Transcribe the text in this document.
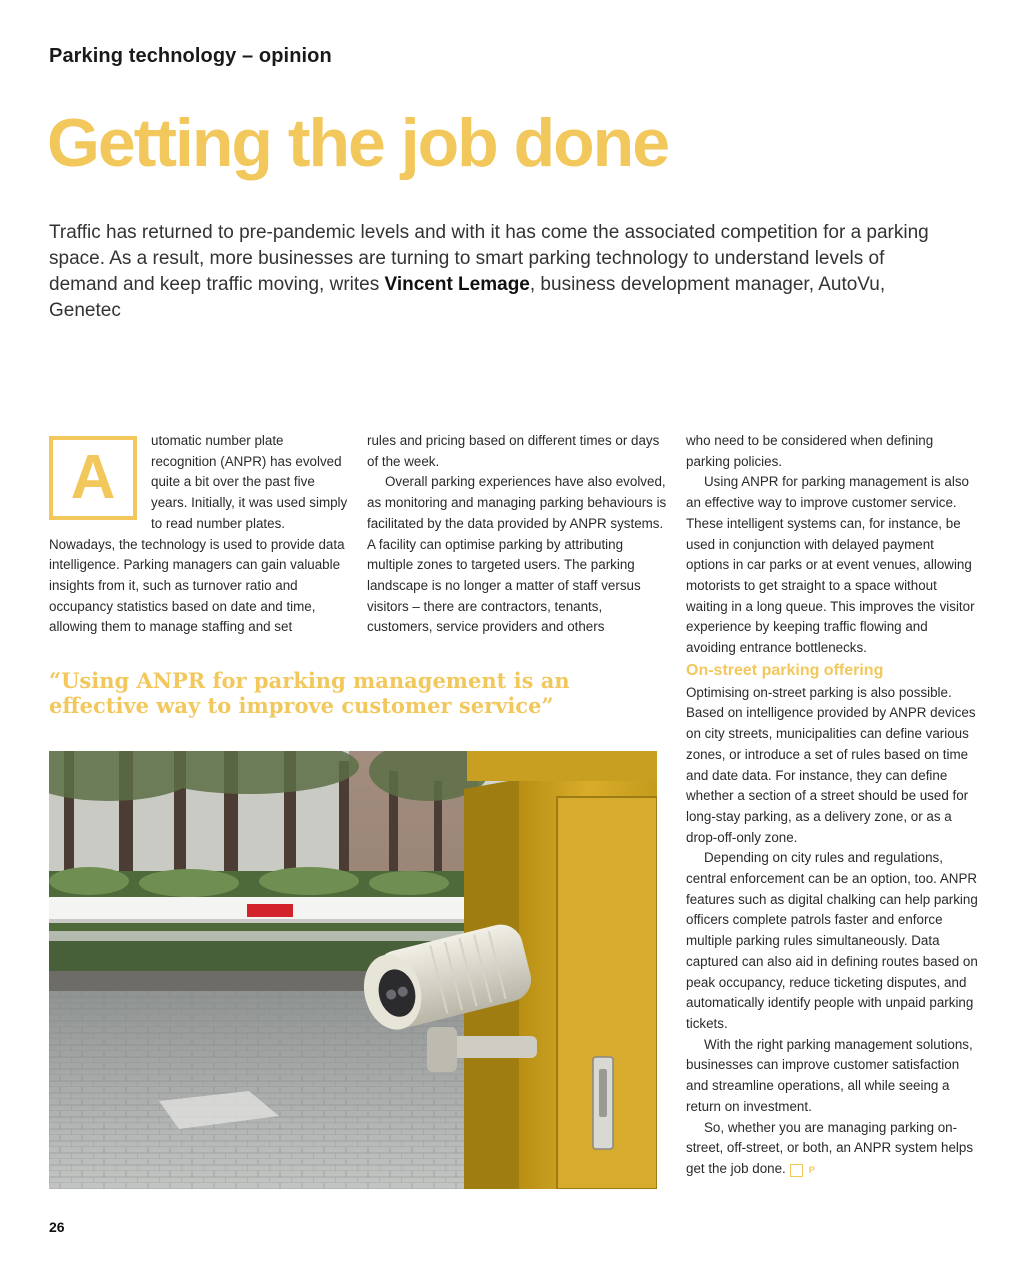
Parking technology – opinion
Getting the job done
Traffic has returned to pre-pandemic levels and with it has come the associated competition for a parking space. As a result, more businesses are turning to smart parking technology to understand levels of demand and keep traffic moving, writes Vincent Lemage, business development manager, AutoVu, Genetec
A

utomatic number plate recognition (ANPR) has evolved quite a bit over the past five years. Initially, it was used simply to read number plates. Nowadays, the technology is used to provide data intelligence. Parking managers can gain valuable insights from it, such as turnover ratio and occupancy statistics based on date and time, allowing them to manage staffing and set

rules and pricing based on different times or days of the week.

Overall parking experiences have also evolved, as monitoring and managing parking behaviours is facilitated by the data provided by ANPR systems. A facility can optimise parking by attributing multiple zones to targeted users. The parking landscape is no longer a matter of staff versus visitors – there are contractors, tenants, customers, service providers and others

who need to be considered when defining parking policies.

Using ANPR for parking management is also an effective way to improve customer service. These intelligent systems can, for instance, be used in conjunction with delayed payment options in car parks or at event venues, allowing motorists to get straight to a space without waiting in a long queue. This improves the visitor experience by keeping traffic flowing and avoiding entrance bottlenecks.

On-street parking offering

Optimising on-street parking is also possible. Based on intelligence provided by ANPR devices on city streets, municipalities can define various zones, or introduce a set of rules based on time and date data. For instance, they can define whether a section of a street should be used for long-stay parking, as a delivery zone, or as a drop-off-only zone.

Depending on city rules and regulations, central enforcement can be an option, too. ANPR features such as digital chalking can help parking officers complete patrols faster and enforce multiple parking rules simultaneously. Data captured can also aid in defining routes based on peak occupancy, reduce ticketing disputes, and automatically identify people with unpaid parking tickets.

With the right parking management solutions, businesses can improve customer satisfaction and streamline operations, all while seeing a return on investment.

So, whether you are managing parking on-street, off-street, or both, an ANPR system helps get the job done.	P

“Using ANPR for parking management is an effective way to improve customer service”
26
